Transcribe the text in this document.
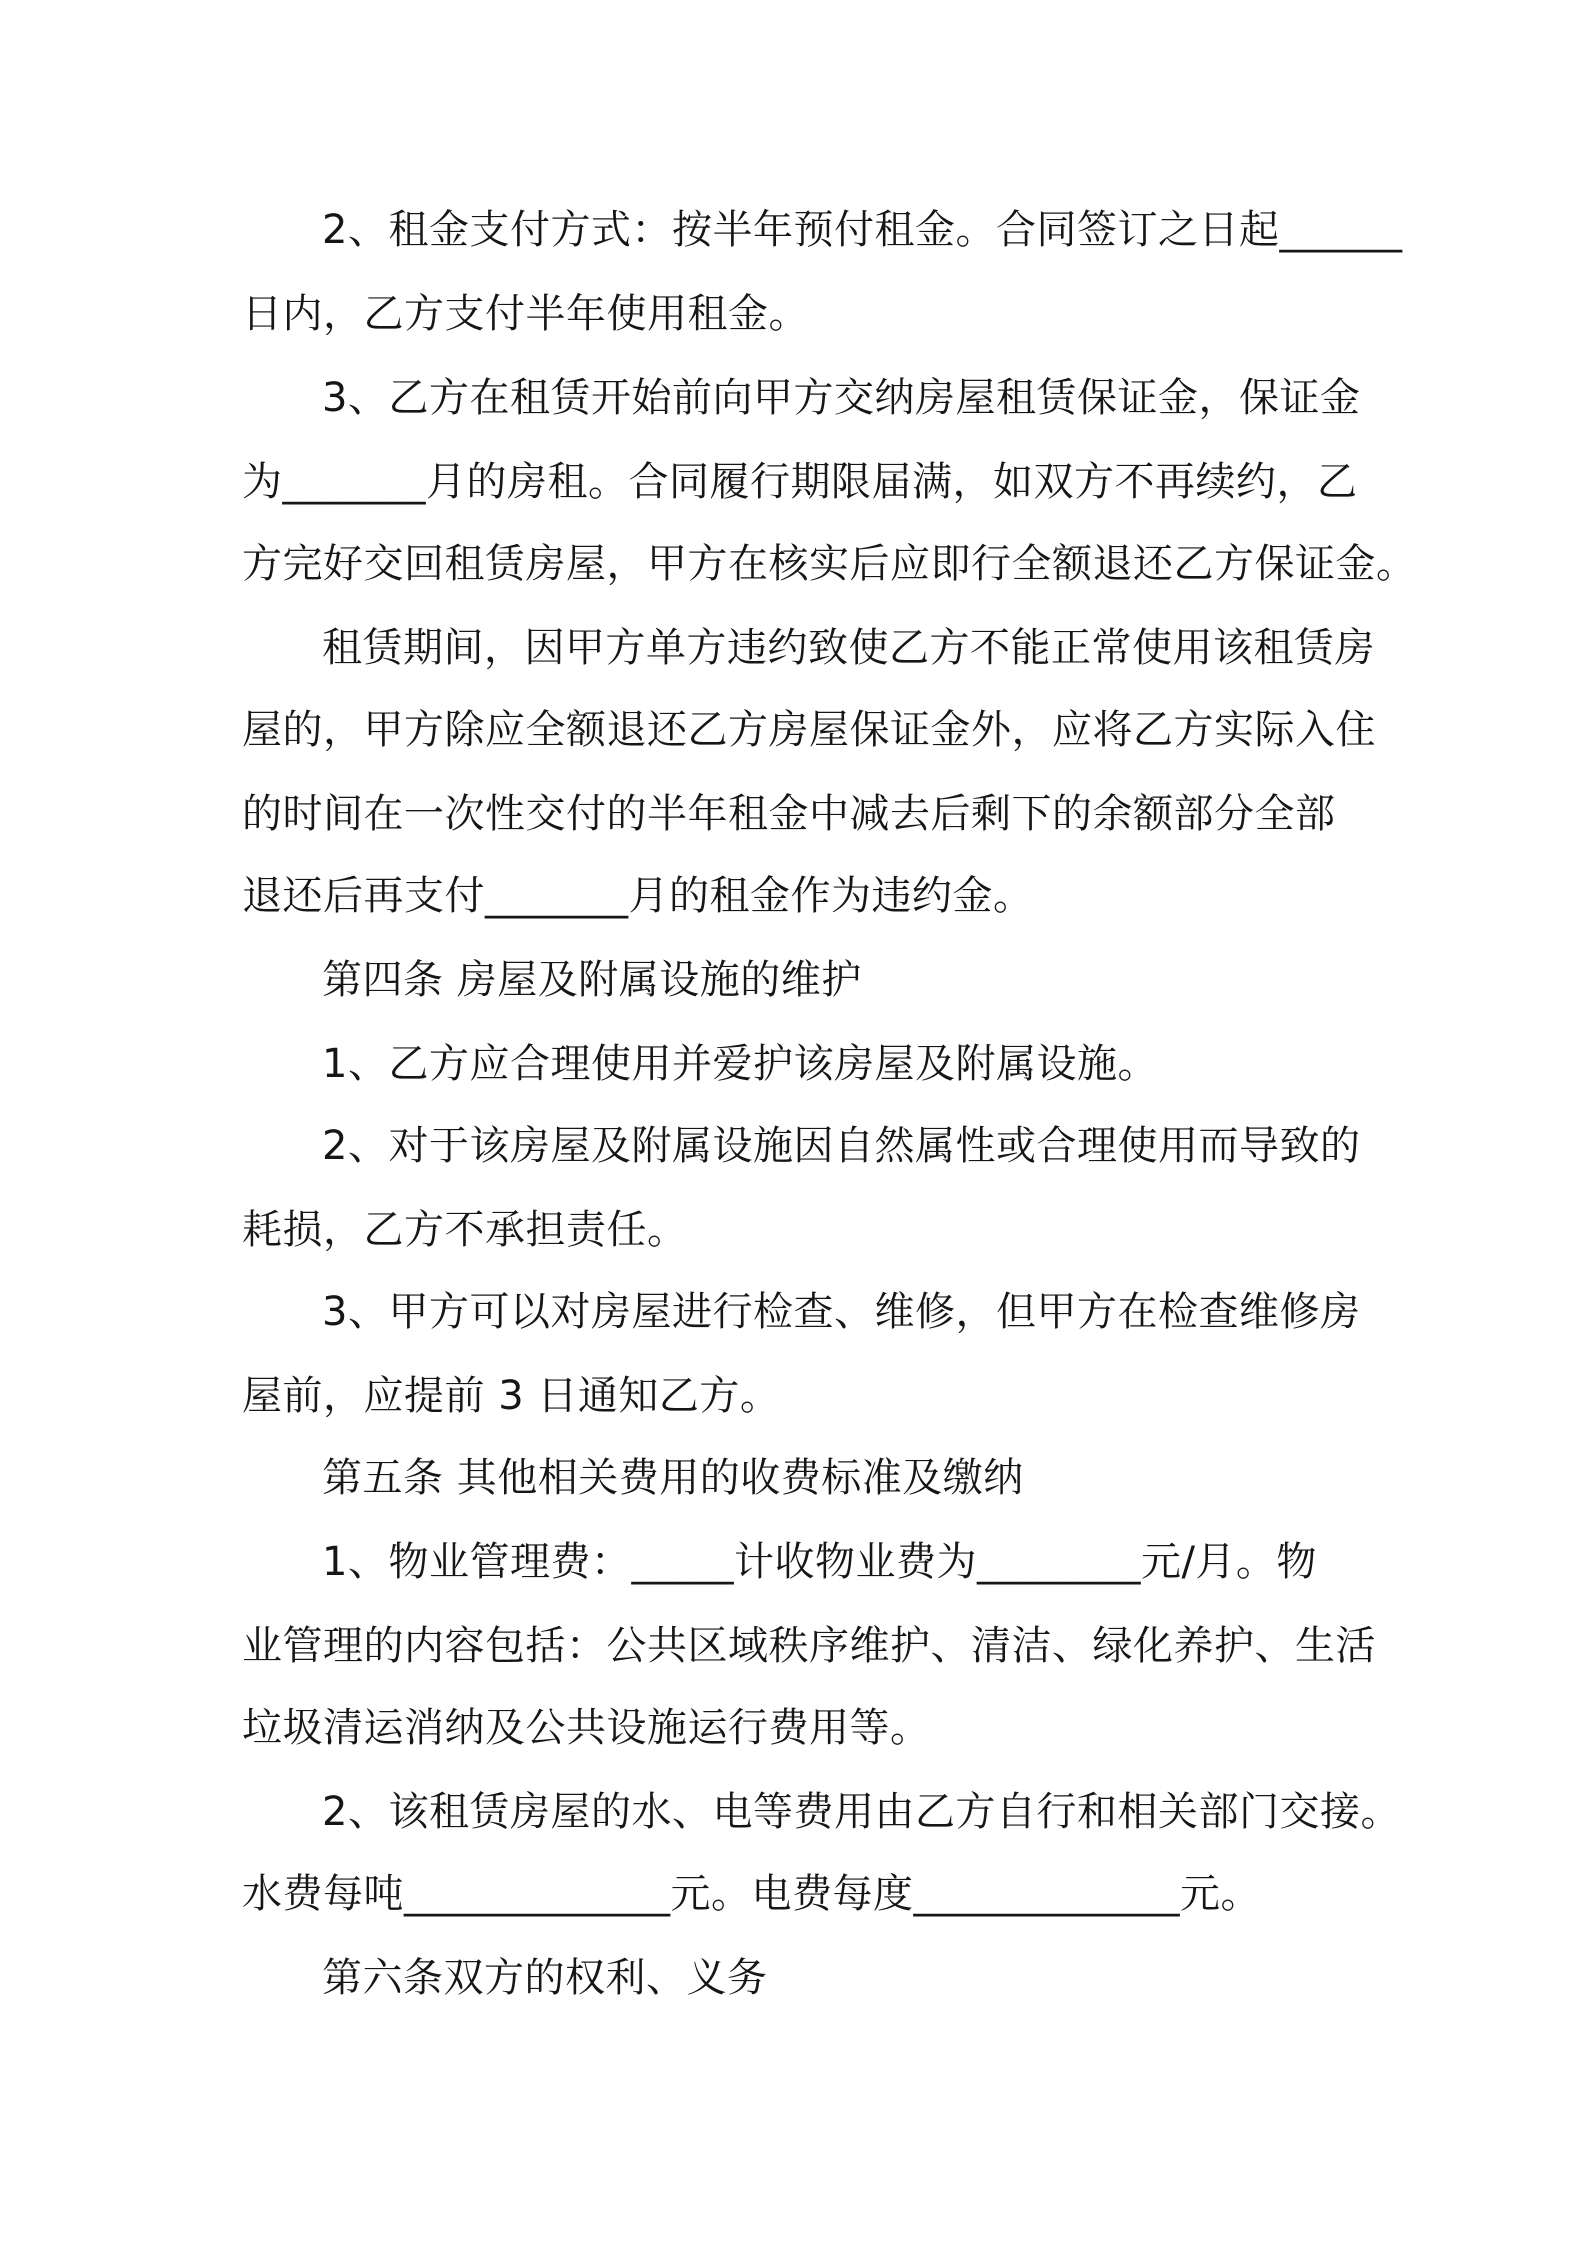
2、租金支付方式：按半年预付租金。合同签订之日起______

日内，乙方支付半年使用租金。

3、乙方在租赁开始前向甲方交纳房屋租赁保证金，保证金

为_______月的房租。合同履行期限届满，如双方不再续约，乙

方完好交回租赁房屋，甲方在核实后应即行全额退还乙方保证金。

租赁期间，因甲方单方违约致使乙方不能正常使用该租赁房

屋的，甲方除应全额退还乙方房屋保证金外，应将乙方实际入住

的时间在一次性交付的半年租金中减去后剩下的余额部分全部

退还后再支付_______月的租金作为违约金。

第四条 房屋及附属设施的维护

1、乙方应合理使用并爱护该房屋及附属设施。

2、对于该房屋及附属设施因自然属性或合理使用而导致的

耗损，乙方不承担责任。

3、甲方可以对房屋进行检查、维修，但甲方在检查维修房

屋前，应提前 3 日通知乙方。

第五条 其他相关费用的收费标准及缴纳

1、物业管理费：_____计收物业费为________元/月。物

业管理的内容包括：公共区域秩序维护、清洁、绿化养护、生活

垃圾清运消纳及公共设施运行费用等。

2、该租赁房屋的水、电等费用由乙方自行和相关部门交接。

水费每吨_____________元。电费每度_____________元。

第六条双方的权利、义务
